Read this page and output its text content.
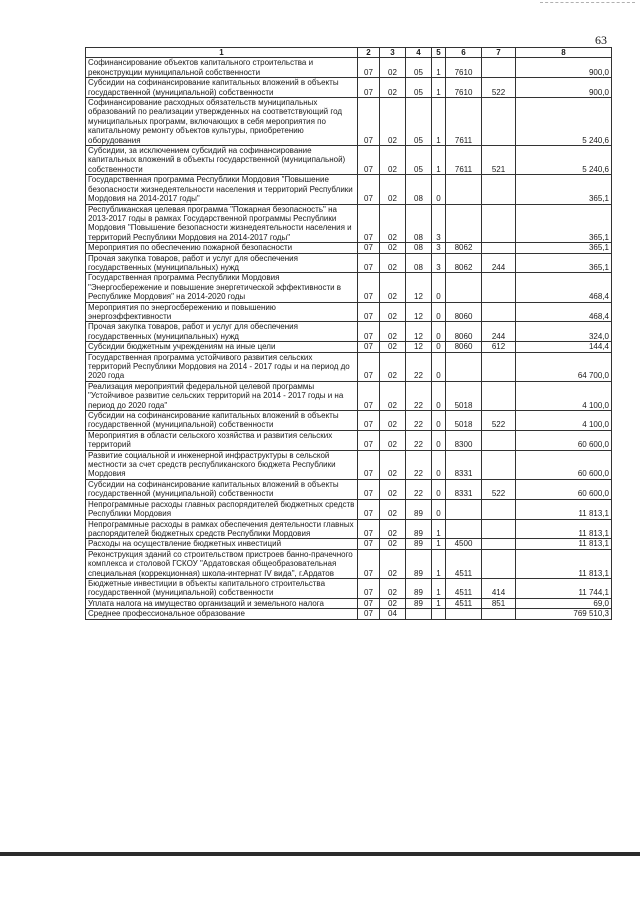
63
1	2	3	4	5	6	7	8
Софинансирование объектов капитального строительства и реконструкции муниципальной собственности	07	02	05	1	7610		900,0
Субсидии на софинансирование капитальных вложений в объекты государственной (муниципальной) собственности	07	02	05	1	7610	522	900,0
Софинансирование расходных обязательств муниципальных образований по реализации утвержденных на соответствующий год муниципальных программ, включающих в себя мероприятия по капитальному ремонту объектов культуры, приобретению оборудования	07	02	05	1	7611		5 240,6
Субсидии, за исключением субсидий на софинансирование капитальных вложений в объекты государственной (муниципальной) собственности	07	02	05	1	7611	521	5 240,6
Государственная программа Республики Мордовия "Повышение безопасности жизнедеятельности населения и территорий Республики Мордовия на 2014-2017 годы"	07	02	08	0			365,1
Республиканская целевая программа "Пожарная безопасность" на 2013-2017 годы в рамках Государственной программы Республики Мордовия "Повышение безопасности жизнедеятельности населения и территорий Республики Мордовия на 2014-2017 годы"	07	02	08	3			365,1
Мероприятия по обеспечению пожарной безопасности	07	02	08	3	8062		365,1
Прочая закупка товаров, работ и услуг для обеспечения государственных (муниципальных) нужд	07	02	08	3	8062	244	365,1
Государственная программа Республики Мордовия "Энергосбережение и повышение энергетической эффективности в Республике Мордовия" на 2014-2020 годы	07	02	12	0			468,4
Мероприятия по энергосбережению и повышению энергоэффективности	07	02	12	0	8060		468,4
Прочая закупка товаров, работ и услуг для обеспечения государственных (муниципальных) нужд	07	02	12	0	8060	244	324,0
Субсидии бюджетным учреждениям на иные цели	07	02	12	0	8060	612	144,4
Государственная программа устойчивого развития сельских территорий Республики Мордовия на 2014 - 2017 годы и на период до 2020 года	07	02	22	0			64 700,0
Реализация мероприятий федеральной целевой программы "Устойчивое развитие сельских территорий на 2014 - 2017 годы и на период до 2020 года"	07	02	22	0	5018		4 100,0
Субсидии на софинансирование капитальных вложений в объекты государственной (муниципальной) собственности	07	02	22	0	5018	522	4 100,0
Мероприятия в области сельского хозяйства и развития сельских территорий	07	02	22	0	8300		60 600,0
Развитие социальной и инженерной инфраструктуры в сельской местности за счет средств республиканского бюджета Республики Мордовия	07	02	22	0	8331		60 600,0
Субсидии на софинансирование капитальных вложений в объекты государственной (муниципальной) собственности	07	02	22	0	8331	522	60 600,0
Непрограммные расходы главных распорядителей бюджетных средств Республики Мордовия	07	02	89	0			11 813,1
Непрограммные расходы в рамках обеспечения деятельности главных распорядителей бюджетных средств Республики Мордовия	07	02	89	1			11 813,1
Расходы на осуществление бюджетных инвестиций	07	02	89	1	4500		11 813,1
Реконструкция зданий со строительством пристроев банно-прачечного комплекса и столовой ГСКОУ "Ардатовская общеобразовательная специальная (коррекционная) школа-интернат IV вида", г.Ардатов	07	02	89	1	4511		11 813,1
Бюджетные инвестиции в объекты капитального строительства государственной (муниципальной) собственности	07	02	89	1	4511	414	11 744,1
Уплата налога на имущество организаций и земельного налога	07	02	89	1	4511	851	69,0
Среднее профессиональное образование	07	04					769 510,3
